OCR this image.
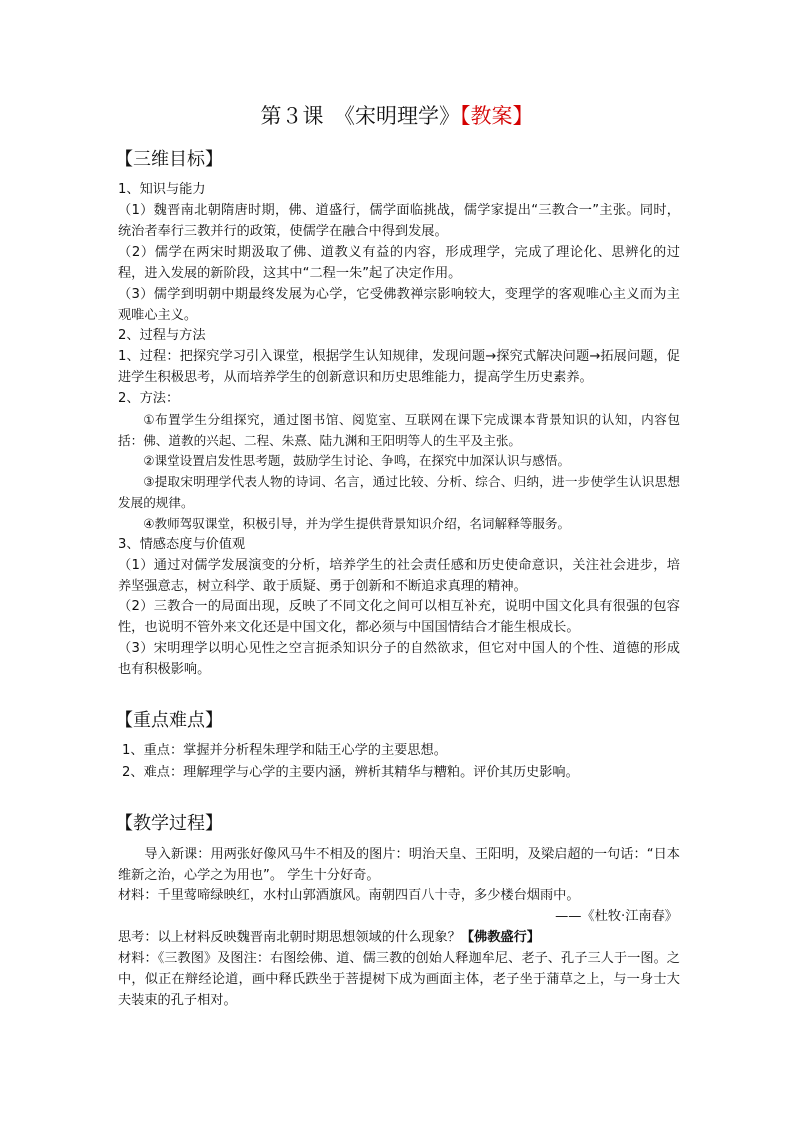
第３课　《宋明理学》【教案】
【三维目标】

1、知识与能力

（1）魏晋南北朝隋唐时期，佛、道盛行，儒学面临挑战，儒学家提出“三教合一”主张。同时，统治者奉行三教并行的政策，使儒学在融合中得到发展。

（2）儒学在两宋时期汲取了佛、道教义有益的内容，形成理学，完成了理论化、思辨化的过程，进入发展的新阶段，这其中“二程一朱”起了决定作用。

（3）儒学到明朝中期最终发展为心学，它受佛教禅宗影响较大，变理学的客观唯心主义而为主观唯心主义。

2、过程与方法

1、过程：把探究学习引入课堂，根据学生认知规律，发现问题→探究式解决问题→拓展问题，促进学生积极思考，从而培养学生的创新意识和历史思维能力，提高学生历史素养。

2、方法：

①布置学生分组探究，通过图书馆、阅览室、互联网在课下完成课本背景知识的认知，内容包括：佛、道教的兴起、二程、朱熹、陆九渊和王阳明等人的生平及主张。

②课堂设置启发性思考题，鼓励学生讨论、争鸣，在探究中加深认识与感悟。

③提取宋明理学代表人物的诗词、名言，通过比较、分析、综合、归纳，进一步使学生认识思想发展的规律。

④教师驾驭课堂，积极引导，并为学生提供背景知识介绍，名词解释等服务。

3、情感态度与价值观

（1）通过对儒学发展演变的分析，培养学生的社会责任感和历史使命意识，关注社会进步，培养坚强意志，树立科学、敢于质疑、勇于创新和不断追求真理的精神。

（2）三教合一的局面出现，反映了不同文化之间可以相互补充，说明中国文化具有很强的包容性，也说明不管外来文化还是中国文化，都必须与中国国情结合才能生根成长。

（3）宋明理学以明心见性之空言扼杀知识分子的自然欲求，但它对中国人的个性、道德的形成也有积极影响。

【重点难点】

1、重点：掌握并分析程朱理学和陆王心学的主要思想。

2、难点：理解理学与心学的主要内涵，辨析其精华与糟粕。评价其历史影响。

【教学过程】

导入新课：用两张好像风马牛不相及的图片：明治天皇、王阳明，及梁启超的一句话：“日本维新之治，心学之为用也”。 学生十分好奇。

材料：千里莺啼绿映红，水村山郭酒旗风。南朝四百八十寺，多少楼台烟雨中。

——《杜牧·江南春》

思考：以上材料反映魏晋南北朝时期思想领域的什么现象？【佛教盛行】

材料：《三教图》及图注：右图绘佛、道、儒三教的创始人释迦牟尼、老子、孔子三人于一图。之中，似正在辩经论道，画中释氏跌坐于菩提树下成为画面主体，老子坐于蒲草之上，与一身士大夫装束的孔子相对。
